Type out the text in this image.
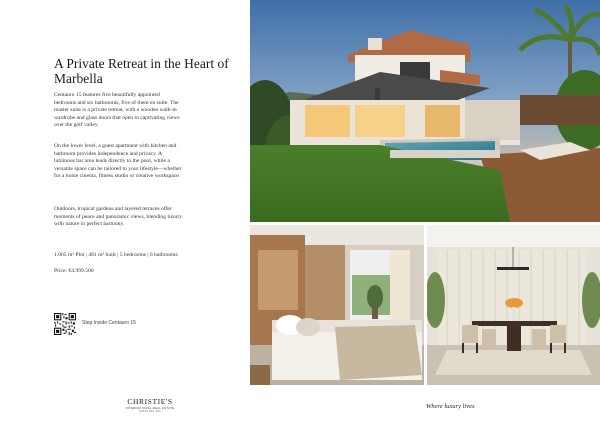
A Private Retreat in the Heart of Marbella
Centauro 15 features five beautifully appointed bedrooms and six bathrooms, five of them en suite. The master suite is a private retreat, with a wooden walk-in wardrobe and glass doors that open to captivating views over the golf valley.
On the lower level, a guest apartment with kitchen and bathroom provides independence and privacy. A luminous bar area leads directly to the pool, while a versatile space can be tailored to your lifestyle—whether for a home cinema, fitness studio or creative workspace.
Outdoors, tropical gardens and layered terraces offer moments of peace and panoramic views, blending luxury with nature in perfect harmony.
1.065 m² Plot | 481 m² built | 5 bedrooms | 6 bathrooms
Price: €4.999.500
Step Inside Centauro 15
CHRISTIE'S
INTERNATIONAL REAL ESTATE
COSTA DEL SOL
Where luxury lives
